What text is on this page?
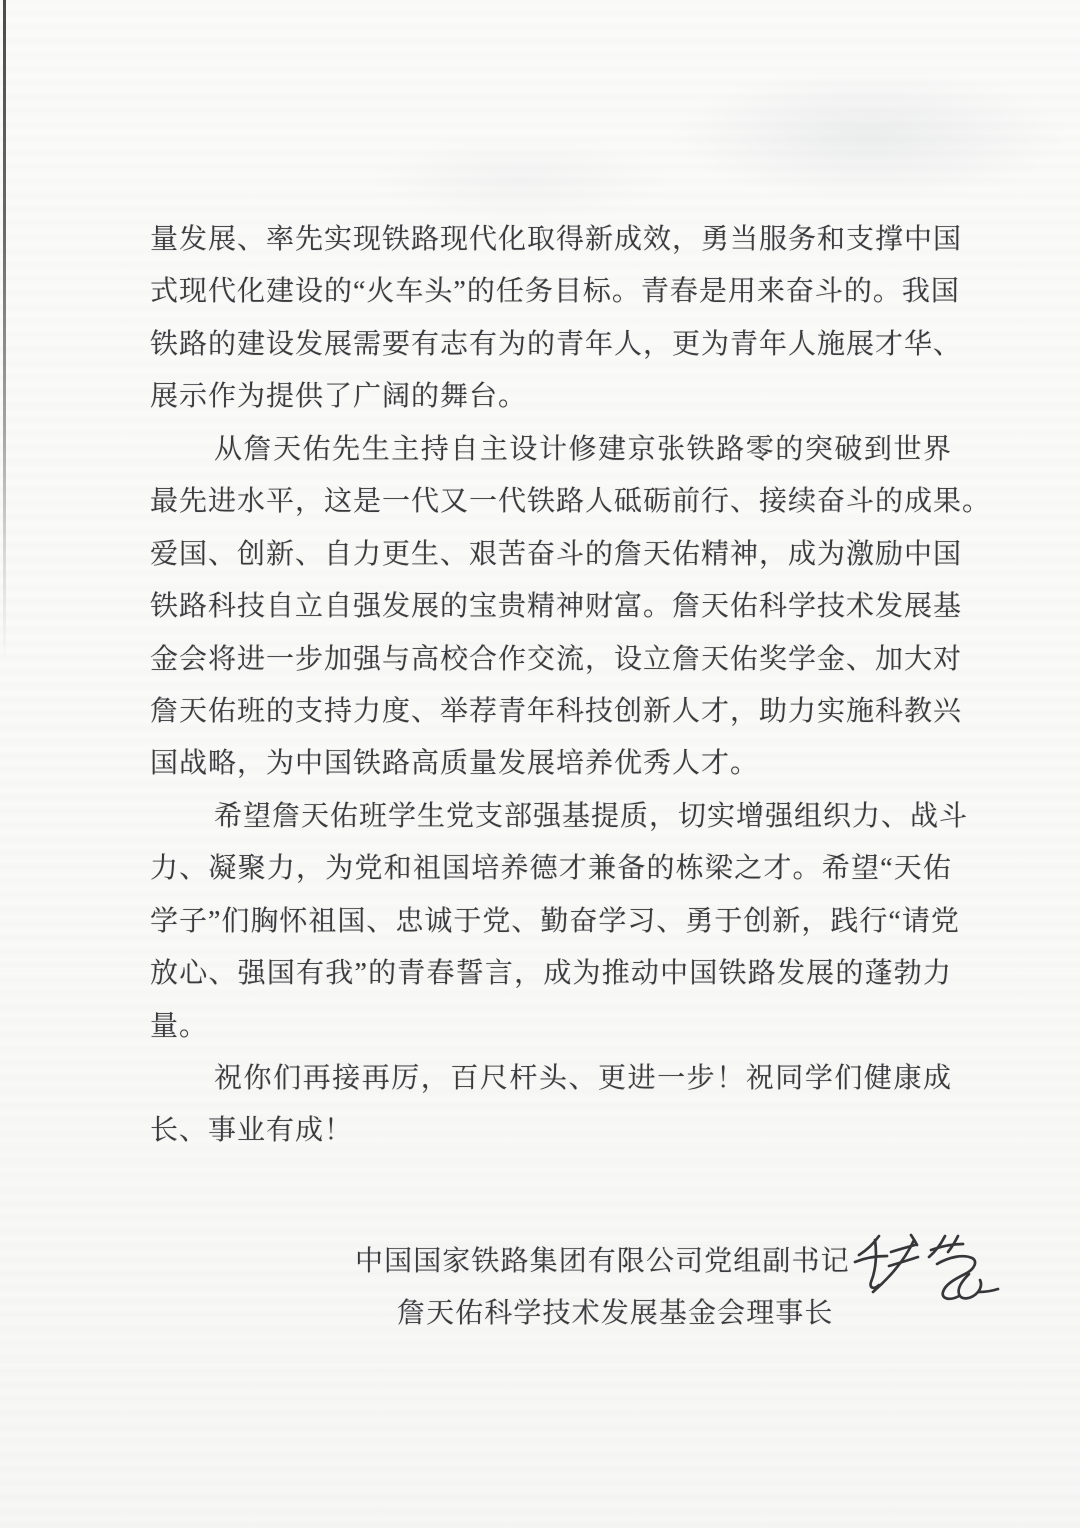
量发展、率先实现铁路现代化取得新成效，勇当服务和支撑中国
式现代化建设的“火车头”的任务目标。青春是用来奋斗的。我国
铁路的建设发展需要有志有为的青年人，更为青年人施展才华、
展示作为提供了广阔的舞台。
从詹天佑先生主持自主设计修建京张铁路零的突破到世界
最先进水平，这是一代又一代铁路人砥砺前行、接续奋斗的成果。
爱国、创新、自力更生、艰苦奋斗的詹天佑精神，成为激励中国
铁路科技自立自强发展的宝贵精神财富。詹天佑科学技术发展基
金会将进一步加强与高校合作交流，设立詹天佑奖学金、加大对
詹天佑班的支持力度、举荐青年科技创新人才，助力实施科教兴
国战略，为中国铁路高质量发展培养优秀人才。
希望詹天佑班学生党支部强基提质，切实增强组织力、战斗
力、凝聚力，为党和祖国培养德才兼备的栋梁之才。希望“天佑
学子”们胸怀祖国、忠诚于党、勤奋学习、勇于创新，践行“请党
放心、强国有我”的青春誓言，成为推动中国铁路发展的蓬勃力
量。
祝你们再接再厉，百尺杆头、更进一步！祝同学们健康成
长、事业有成！
中国国家铁路集团有限公司党组副书记
詹天佑科学技术发展基金会理事长
